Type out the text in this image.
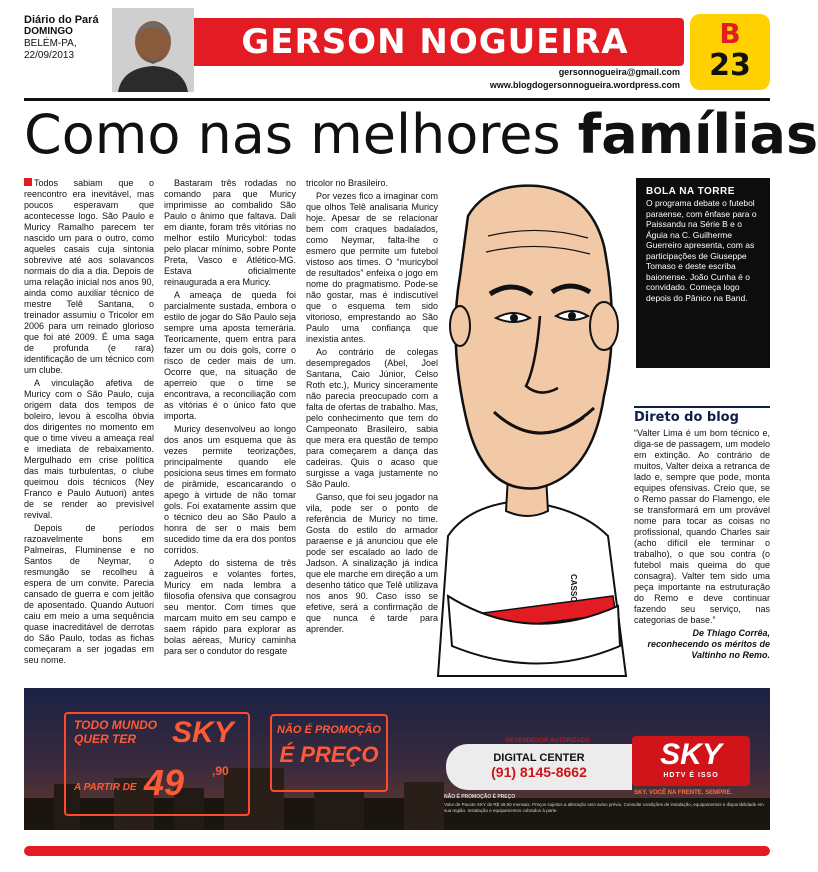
Diário do Pará
DOMINGO
BELÉM-PA,
22/09/2013	GERSON NOGUEIRA
gersonnogueira@gmail.com
www.blogdogersonnogueira.wordpress.com
B
23
Como nas melhores famílias

Todos sabiam que o reencontro era inevitável, mas poucos esperavam que acontecesse logo. São Paulo e Muricy Ramalho parecem ter nascido um para o outro, como aqueles casais cuja sintonia sobrevive até aos solavancos normais do dia a dia. Depois de uma relação inicial nos anos 90, ainda como auxiliar técnico de mestre Telê Santana, o treinador assumiu o Tricolor em 2006 para um reinado glorioso que foi até 2009. É uma saga de profunda (e rara) identificação de um técnico com um clube.

A vinculação afetiva de Muricy com o São Paulo, cuja origem data dos tempos de boleiro, levou à escolha óbvia dos dirigentes no momento em que o time viveu a ameaça real e imediata de rebaixamento. Mergulhado em crise política das mais turbulentas, o clube queimou dois técnicos (Ney Franco e Paulo Autuori) antes de se render ao previsível revival.

Depois de períodos razoavelmente bons em Palmeiras, Fluminense e no Santos de Neymar, o resmungão se recolheu à espera de um convite. Parecia cansado de guerra e com jeitão de aposentado. Quando Autuori caiu em meio a uma sequência quase inacreditável de derrotas do São Paulo, todas as fichas começaram a ser jogadas em seu nome.

Bastaram três rodadas no comando para que Muricy imprimisse ao combalido São Paulo o ânimo que faltava. Dali em diante, foram três vitórias no melhor estilo Muricybol: todas pelo placar mínimo, sobre Ponte Preta, Vasco e Atlético-MG. Estava oficialmente reinaugurada a era Muricy.

A ameaça de queda foi parcialmente sustada, embora o estilo de jogar do São Paulo seja sempre uma aposta temerária. Teoricamente, quem entra para fazer um ou dois gols, corre o risco de ceder mais de um. Ocorre que, na situação de aperreio que o time se encontrava, a reconciliação com as vitórias é o único fato que importa.

Muricy desenvolveu ao longo dos anos um esquema que às vezes permite teorizações, principalmente quando ele posiciona seus times em formato de pirâmide, escancarando o apego à virtude de não tomar gols. Foi exatamente assim que o técnico deu ao São Paulo a honra de ser o mais bem sucedido time da era dos pontos corridos.

Adepto do sistema de três zagueiros e volantes fortes, Muricy em nada lembra a filosofia ofensiva que consagrou seu mentor. Com times que marcam muito em seu campo e saem rápido para explorar as bolas aéreas, Muricy caminha para ser o condutor do resgate

tricolor no Brasileiro.

Por vezes fico a imaginar com que olhos Telê analisaria Muricy hoje. Apesar de se relacionar bem com craques badalados, como Neymar, falta-lhe o esmero que permite um futebol vistoso aos times. O “muricybol de resultados” enfeixa o jogo em nome do pragmatismo. Pode-se não gostar, mas é indiscutível que o esquema tem sido vitorioso, emprestando ao São Paulo uma confiança que inexistia antes.

Ao contrário de colegas desempregados (Abel, Joel Santana, Caio Júnior, Celso Roth etc.), Muricy sinceramente não parecia preocupado com a falta de ofertas de trabalho. Mas, pelo conhecimento que tem do Campeonato Brasileiro, sabia que mera era questão de tempo para começarem a dança das cadeiras. Quis o acaso que surgisse a vaga justamente no São Paulo.

Ganso, que foi seu jogador na vila, pode ser o ponto de referência de Muricy no time. Gosta do estilo do armador paraense e já anunciou que ele pode ser escalado ao lado de Jadson. A sinalização já indica que ele marche em direção a um desenho tático que Telê utilizava nos anos 90. Caso isso se efetive, será a confirmação de que nunca é tarde para aprender.

CASSO
BOLA NA TORRE
O programa debate o futebol paraense, com ênfase para o Paissandu na Série B e o Águia na C. Guilherme Guerreiro apresenta, com as participações de Giuseppe Tomaso e deste escriba baionense. João Cunha é o convidado. Começa logo depois do Pânico na Band.
Direto do blog
“Valter Lima é um bom técnico e, diga-se de passagem, um modelo em extinção. Ao contrário de muitos, Valter deixa a retranca de lado e, sempre que pode, monta equipes ofensivas. Creio que, se o Remo passar do Flamengo, ele se transformará em um provável nome para tocar as coisas no profissional, quando Charles sair (acho difícil ele terminar o trabalho), o que sou contra (o futebol mais queima do que consagra). Valter tem sido uma peça importante na estruturação do Remo e deve continuar fazendo seu serviço, nas categorias de base.”
De Thiago Corrêa, reconhecendo os méritos de Valtinho no Remo.
TODO MUNDO
QUER TER SKY
A PARTIR DE 49 ,90
NÃO É PROMOÇÃO
É PREÇO
REVENDEDOR AUTORIZADO
DIGITAL CENTER
(91) 8145-8662
SKY
HDTV É ISSO
SKY. VOCÊ NA FRENTE. SEMPRE.
NÃO É PROMOÇÃO É PREÇO
Valor de Pacote SKY de R$ 49,90 mensais. Preços sujeitos a alteração sem aviso prévio. Consulte condições de instalação, equipamentos e disponibilidade em sua região. Instalação e equipamentos cobrados à parte.
